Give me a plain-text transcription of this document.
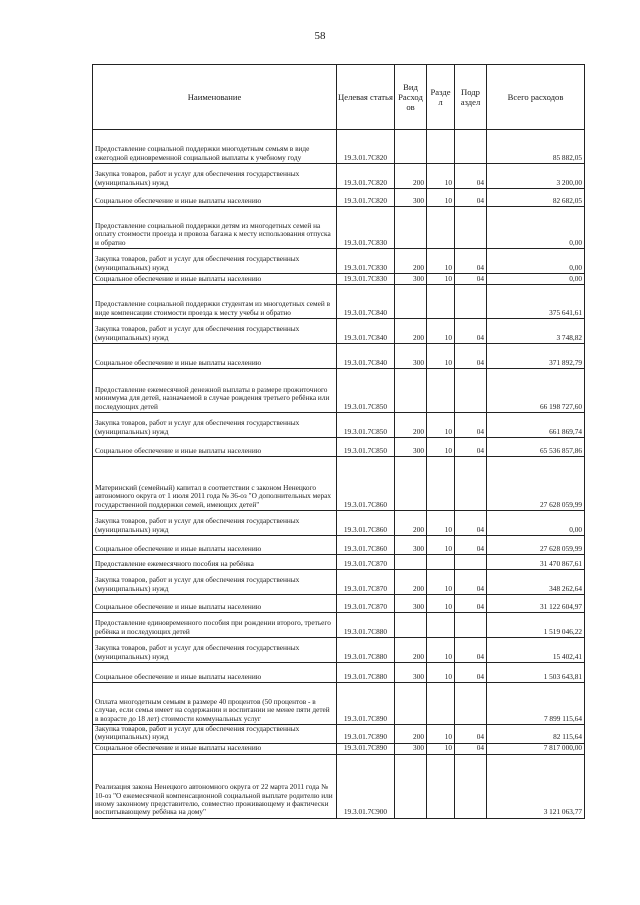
58
Наименование	Целевая статья	Вид Расход ов	Разде л	Подр аздел	Всего расходов
Предоставление социальной поддержки многодетным семьям в виде ежегодной единовременной социальной выплаты к учебному году	19.3.01.7С820				85 882,05
Закупка товаров, работ и услуг для обеспечения государственных (муниципальных) нужд	19.3.01.7С820	200	10	04	3 200,00
Социальное обеспечение и иные выплаты населению	19.3.01.7С820	300	10	04	82 682,05
Предоставление социальной поддержки детям из многодетных семей на оплату стоимости проезда и провоза багажа к месту использования отпуска и обратно	19.3.01.7С830				0,00
Закупка товаров, работ и услуг для обеспечения государственных (муниципальных) нужд	19.3.01.7С830	200	10	04	0,00
Социальное обеспечение и иные выплаты населению	19.3.01.7С830	300	10	04	0,00
Предоставление социальной поддержки студентам из многодетных семей в виде компенсации стоимости проезда к месту учебы и обратно	19.3.01.7С840				375 641,61
Закупка товаров, работ и услуг для обеспечения государственных (муниципальных) нужд	19.3.01.7С840	200	10	04	3 748,82
Социальное обеспечение и иные выплаты населению	19.3.01.7С840	300	10	04	371 892,79
Предоставление ежемесячной денежной выплаты в размере прожиточного минимума для детей, назначаемой в случае рождения третьего ребёнка или последующих детей	19.3.01.7С850				66 198 727,60
Закупка товаров, работ и услуг для обеспечения государственных (муниципальных) нужд	19.3.01.7С850	200	10	04	661 869,74
Социальное обеспечение и иные выплаты населению	19.3.01.7С850	300	10	04	65 536 857,86
Материнский (семейный) капитал в соответствии с законом Ненецкого автономного округа от 1 июля 2011 года № 36-оз "О дополнительных мерах государственной поддержки семей, имеющих детей"	19.3.01.7С860				27 628 059,99
Закупка товаров, работ и услуг для обеспечения государственных (муниципальных) нужд	19.3.01.7С860	200	10	04	0,00
Социальное обеспечение и иные выплаты населению	19.3.01.7С860	300	10	04	27 628 059,99
Предоставление ежемесячного пособия на ребёнка	19.3.01.7С870				31 470 867,61
Закупка товаров, работ и услуг для обеспечения государственных (муниципальных) нужд	19.3.01.7С870	200	10	04	348 262,64
Социальное обеспечение и иные выплаты населению	19.3.01.7С870	300	10	04	31 122 604,97
Предоставление единовременного пособия при рождении второго, третьего ребёнка и последующих детей	19.3.01.7С880				1 519 046,22
Закупка товаров, работ и услуг для обеспечения государственных (муниципальных) нужд	19.3.01.7С880	200	10	04	15 402,41
Социальное обеспечение и иные выплаты населению	19.3.01.7С880	300	10	04	1 503 643,81
Оплата многодетным семьям в размере 40 процентов (50 процентов - в случае, если семья имеет на содержании и воспитании не менее пяти детей в возрасте до 18 лет) стоимости коммунальных услуг	19.3.01.7С890				7 899 115,64
Закупка товаров, работ и услуг для обеспечения государственных (муниципальных) нужд	19.3.01.7С890	200	10	04	82 115,64
Социальное обеспечение и иные выплаты населению	19.3.01.7С890	300	10	04	7 817 000,00
Реализация закона Ненецкого автономного округа от 22 марта 2011 года № 10-оз "О ежемесячной компенсационной социальной выплате родителю или иному законному представителю, совместно проживающему и фактически воспитывающему ребёнка на дому"	19.3.01.7С900				3 121 063,77
